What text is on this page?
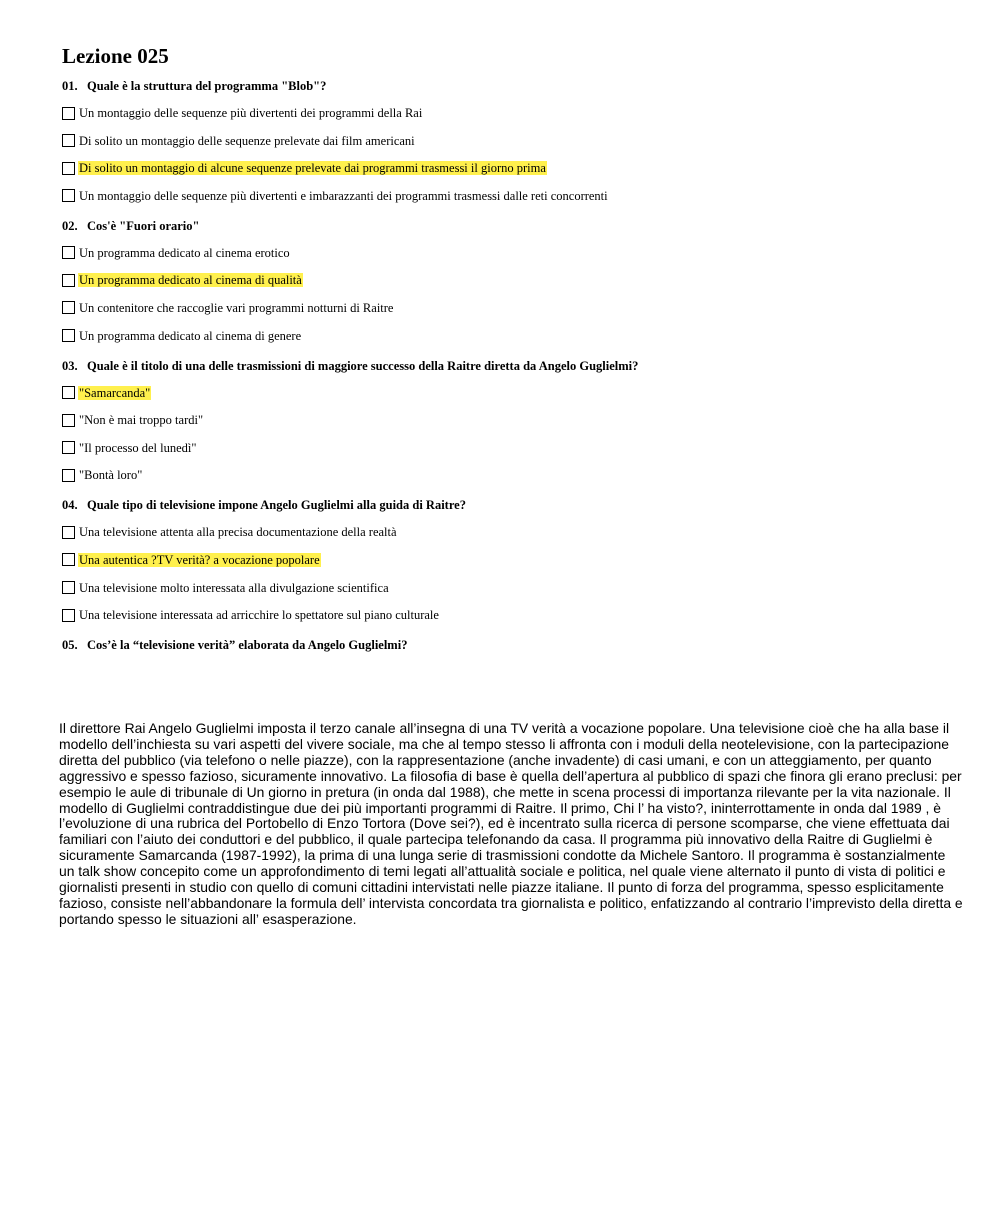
Lezione 025
01. Quale è la struttura del programma "Blob"?
Un montaggio delle sequenze più divertenti dei programmi della Rai
Di solito un montaggio delle sequenze prelevate dai film americani
Di solito un montaggio di alcune sequenze prelevate dai programmi trasmessi il giorno prima
Un montaggio delle sequenze più divertenti e imbarazzanti dei programmi trasmessi dalle reti concorrenti
02. Cos'è "Fuori orario"
Un programma dedicato al cinema erotico
Un programma dedicato al cinema di qualità
Un contenitore che raccoglie vari programmi notturni di Raitre
Un programma dedicato al cinema di genere
03. Quale è il titolo di una delle trasmissioni di maggiore successo della Raitre diretta da Angelo Guglielmi?
"Samarcanda"
"Non è mai troppo tardi"
"Il processo del lunedì"
"Bontà loro"
04. Quale tipo di televisione impone Angelo Guglielmi alla guida di Raitre?
Una televisione attenta alla precisa documentazione della realtà
Una autentica ?TV verità? a vocazione popolare
Una televisione molto interessata alla divulgazione scientifica
Una televisione interessata ad arricchire lo spettatore sul piano culturale
05. Cos’è la “televisione verità” elaborata da Angelo Guglielmi?

Il direttore Rai Angelo Guglielmi imposta il terzo canale all’insegna di una TV verità a vocazione popolare. Una televisione cioè che ha alla base il modello dell’inchiesta su vari aspetti del vivere sociale, ma che al tempo stesso li affronta con i moduli della neotelevisione, con la partecipazione diretta del pubblico (via telefono o nelle piazze), con la rappresentazione (anche invadente) di casi umani, e con un atteggiamento, per quanto aggressivo e spesso fazioso, sicuramente innovativo. La filosofia di base è quella dell’apertura al pubblico di spazi che finora gli erano preclusi: per esempio le aule di tribunale di Un giorno in pretura (in onda dal 1988), che mette in scena processi di importanza rilevante per la vita nazionale. Il modello di Guglielmi contraddistingue due dei più importanti programmi di Raitre. Il primo, Chi l’ ha visto?, ininterrottamente in onda dal 1989 , è l’evoluzione di una rubrica del Portobello di Enzo Tortora (Dove sei?), ed è incentrato sulla ricerca di persone scomparse, che viene effettuata dai familiari con l’aiuto dei conduttori e del pubblico, il quale partecipa telefonando da casa. Il programma più innovativo della Raitre di Guglielmi è sicuramente Samarcanda (1987-1992), la prima di una lunga serie di trasmissioni condotte da Michele Santoro. Il programma è sostanzialmente un talk show concepito come un approfondimento di temi legati all’attualità sociale e politica, nel quale viene alternato il punto di vista di politici e giornalisti presenti in studio con quello di comuni cittadini intervistati nelle piazze italiane. Il punto di forza del programma, spesso esplicitamente fazioso, consiste nell’abbandonare la formula dell’ intervista concordata tra giornalista e politico, enfatizzando al contrario l’imprevisto della diretta e portando spesso le situazioni all’ esasperazione.
